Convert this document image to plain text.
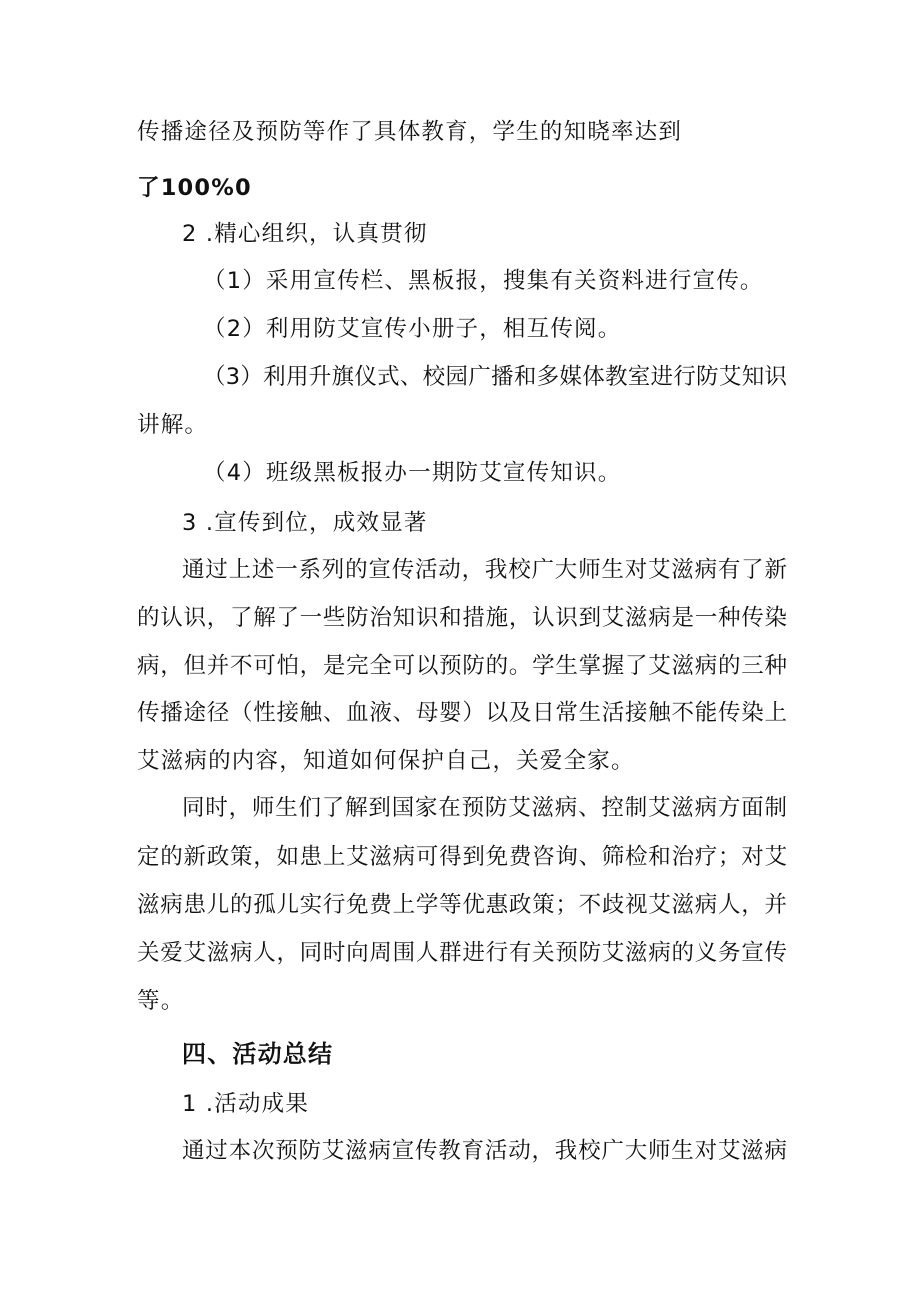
传播途径及预防等作了具体教育，学生的知晓率达到
了100%0
2 .精心组织，认真贯彻
（1）采用宣传栏、黑板报，搜集有关资料进行宣传。
（2）利用防艾宣传小册子，相互传阅。
（3）利用升旗仪式、校园广播和多媒体教室进行防艾知识
讲解。
（4）班级黑板报办一期防艾宣传知识。
3 .宣传到位，成效显著
通过上述一系列的宣传活动，我校广大师生对艾滋病有了新
的认识，了解了一些防治知识和措施，认识到艾滋病是一种传染
病，但并不可怕，是完全可以预防的。学生掌握了艾滋病的三种
传播途径（性接触、血液、母婴）以及日常生活接触不能传染上
艾滋病的内容，知道如何保护自己，关爱全家。
同时，师生们了解到国家在预防艾滋病、控制艾滋病方面制
定的新政策，如患上艾滋病可得到免费咨询、筛检和治疗；对艾
滋病患儿的孤儿实行免费上学等优惠政策；不歧视艾滋病人，并
关爱艾滋病人，同时向周围人群进行有关预防艾滋病的义务宣传
等。
四、活动总结
1 .活动成果
通过本次预防艾滋病宣传教育活动，我校广大师生对艾滋病
